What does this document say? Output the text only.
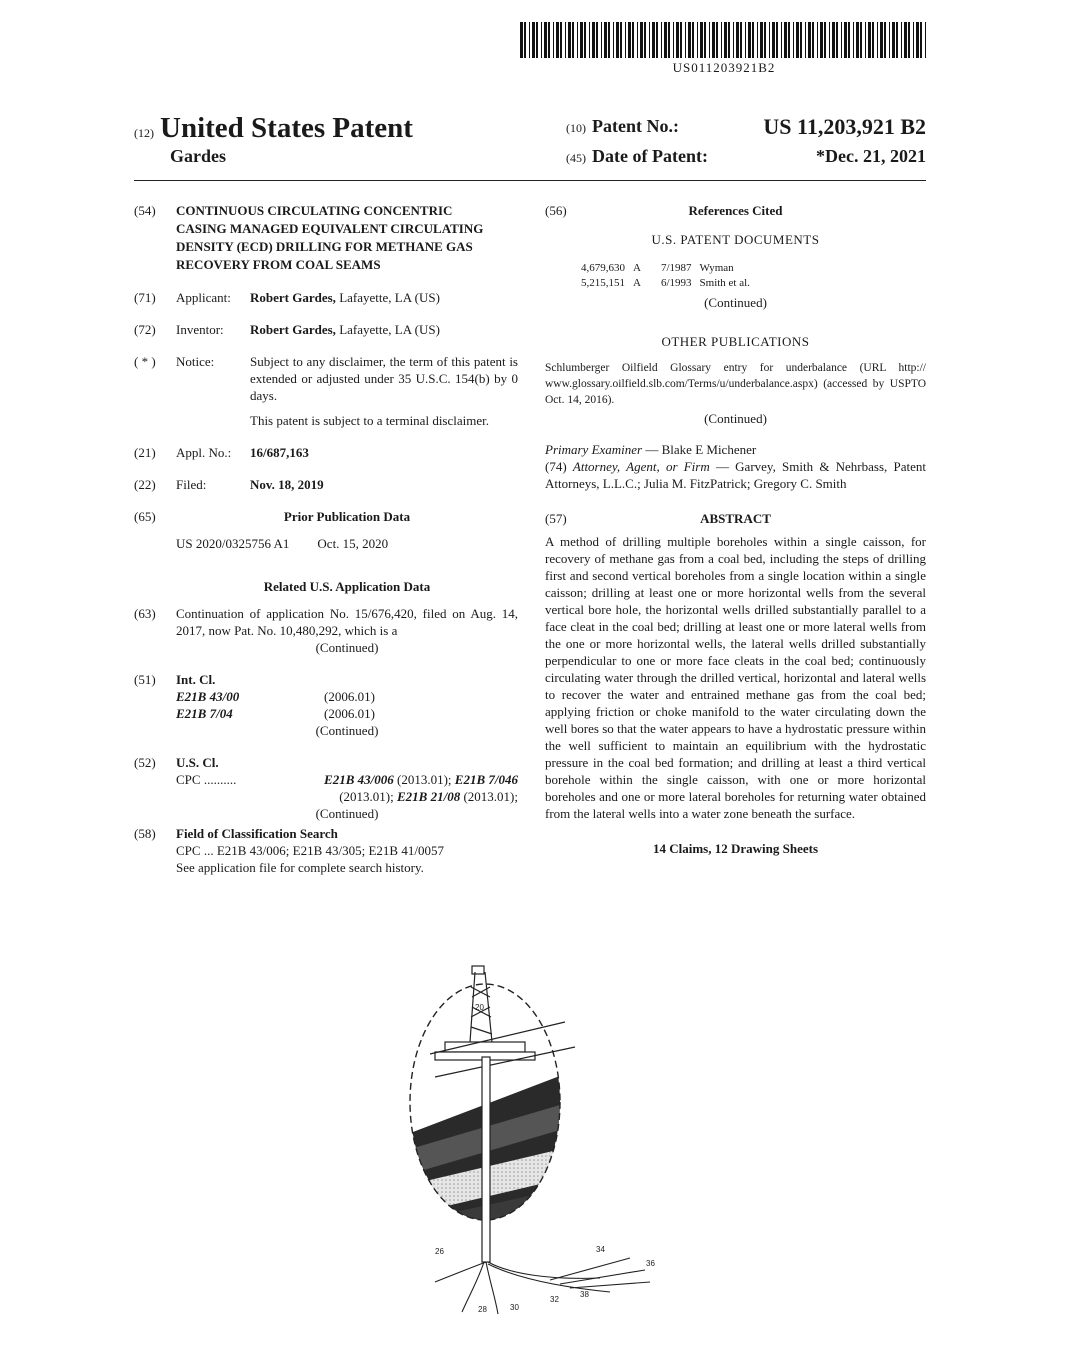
US011203921B2
(12) United States Patent
Gardes
(10) Patent No.:	US 11,203,921 B2
(45) Date of Patent:	*Dec. 21, 2021
(54) CONTINUOUS CIRCULATING CONCENTRIC CASING MANAGED EQUIVALENT CIRCULATING DENSITY (ECD) DRILLING FOR METHANE GAS RECOVERY FROM COAL SEAMS
(71) Applicant: Robert Gardes, Lafayette, LA (US)
(72) Inventor: Robert Gardes, Lafayette, LA (US)
( * ) Notice:	Subject to any disclaimer, the term of this patent is extended or adjusted under 35 U.S.C. 154(b) by 0 days.
This patent is subject to a terminal disclaimer.
(21) Appl. No.: 16/687,163
(22) Filed:	Nov. 18, 2019
(65)	Prior Publication Data
US 2020/0325756 A1 Oct. 15, 2020
Related U.S. Application Data
(63) Continuation of application No. 15/676,420, filed on Aug. 14, 2017, now Pat. No. 10,480,292, which is a
(Continued)
(51) Int. Cl.
E21B 43/00	(2006.01)
E21B 7/04	(2006.01)
(Continued)
(52) U.S. Cl.
CPC ..........	E21B 43/006 (2013.01); E21B 7/046
(2013.01); E21B 21/08 (2013.01);
(Continued)
(58) Field of Classification Search
CPC ... E21B 43/006; E21B 43/305; E21B 41/0057
See application file for complete search history.
(56)	References Cited
U.S. PATENT DOCUMENTS
4,679,630	A	7/1987	Wyman
5,215,151	A	6/1993	Smith et al.
(Continued)
OTHER PUBLICATIONS
Schlumberger Oilfield Glossary entry for underbalance (URL http:// www.glossary.oilfield.slb.com/Terms/u/underbalance.aspx) (accessed by USPTO Oct. 14, 2016).
(Continued)
Primary Examiner — Blake E Michener
(74) Attorney, Agent, or Firm — Garvey, Smith & Nehrbass, Patent Attorneys, L.L.C.; Julia M. FitzPatrick; Gregory C. Smith
(57)	ABSTRACT
A method of drilling multiple boreholes within a single caisson, for recovery of methane gas from a coal bed, including the steps of drilling first and second vertical boreholes from a single location within a single caisson; drilling at least one or more horizontal wells from the several vertical bore hole, the horizontal wells drilled substantially parallel to a face cleat in the coal bed; drilling at least one or more lateral wells from the one or more horizontal wells, the lateral wells drilled substantially perpendicular to one or more face cleats in the coal bed; continuously circulating water through the drilled vertical, horizontal and lateral wells to recover the water and entrained methane gas from the coal bed; applying friction or choke manifold to the water circulating down the well bores so that the water appears to have a hydrostatic pressure within the well sufficient to maintain an equilibrium with the hydrostatic pressure in the coal bed formation; and drilling at least a third vertical borehole within the single caisson, with one or more horizontal boreholes and one or more lateral boreholes for returning water obtained from the lateral wells into a water zone beneath the surface.
14 Claims, 12 Drawing Sheets
20
26
28	30
32
34
36
38
